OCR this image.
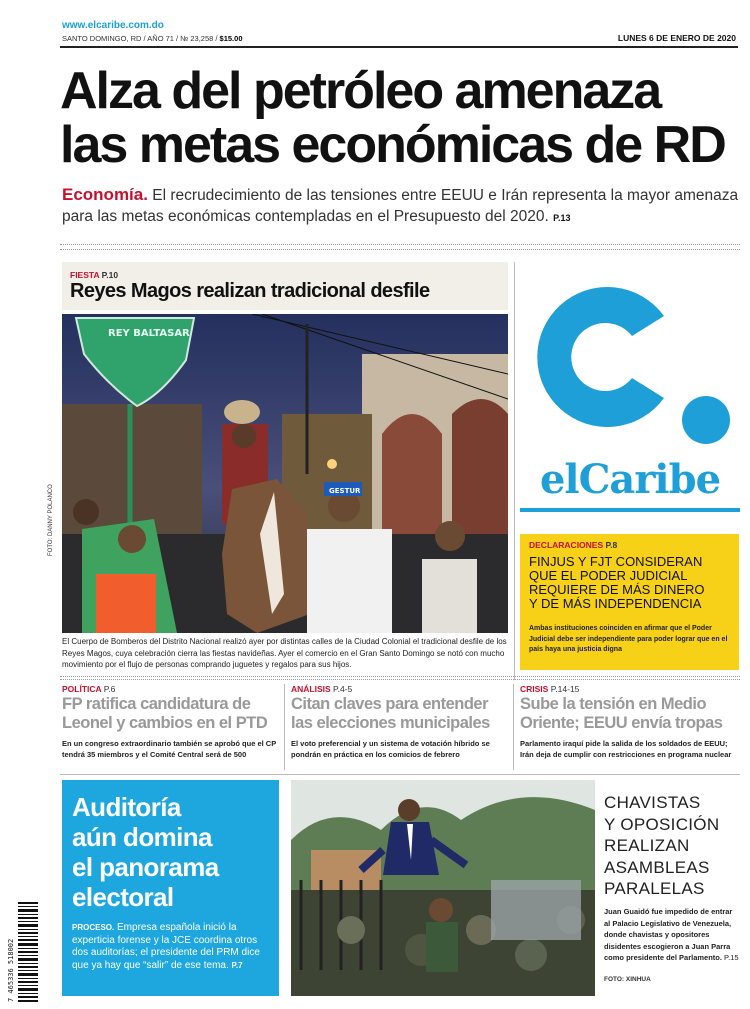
www.elcaribe.com.do
SANTO DOMINGO, RD / AÑO 71 / № 23,258 / $15.00	LUNES 6 DE ENERO DE 2020
Alza del petróleo amenaza
las metas económicas de RD
Economía. El recrudecimiento de las tensiones entre EEUU e Irán representa la mayor amenaza para las metas económicas contempladas en el Presupuesto del 2020. P.13
FIESTA P.10
Reyes Magos realizan tradicional desfile
REY BALTASAR
GESTUR
FOTO: DANNY POLANCO
El Cuerpo de Bomberos del Distrito Nacional realizó ayer por distintas calles de la Ciudad Colonial el tradicional desfile de los Reyes Magos, cuya celebración cierra las fiestas navideñas. Ayer el comercio en el Gran Santo Domingo se notó con mucho movimiento por el flujo de personas comprando juguetes y regalos para sus hijos.
elCaribe
DECLARACIONES P.8
FINJUS Y FJT CONSIDERAN
QUE EL PODER JUDICIAL
REQUIERE DE MÁS DINERO
Y DE MÁS INDEPENDENCIA
Ambas instituciones coinciden en afirmar que el Poder Judicial debe ser independiente para poder lograr que en el país haya una justicia digna
POLÍTICA P.6
FP ratifica candidatura de
Leonel y cambios en el PTD
En un congreso extraordinario también se aprobó que el CP tendrá 35 miembros y el Comité Central será de 500
ANÁLISIS P.4-5
Citan claves para entender
las elecciones municipales
El voto preferencial y un sistema de votación híbrido se pondrán en práctica en los comicios de febrero
CRISIS P.14-15
Sube la tensión en Medio
Oriente; EEUU envía tropas
Parlamento iraquí pide la salida de los soldados de EEUU; Irán deja de cumplir con restricciones en programa nuclear
Auditoría
aún domina
el panorama
electoral
PROCESO. Empresa española inició la experticia forense y la JCE coordina otros dos auditorías; el presidente del PRM dice que ya hay que “salir” de ese tema. P.7
7 465336 518002
CHAVISTAS
Y OPOSICIÓN
REALIZAN
ASAMBLEAS
PARALELAS
Juan Guaidó fue impedido de entrar al Palacio Legislativo de Venezuela, donde chavistas y opositores disidentes escogieron a Juan Parra como presidente del Parlamento. P.15
FOTO: XINHUA
